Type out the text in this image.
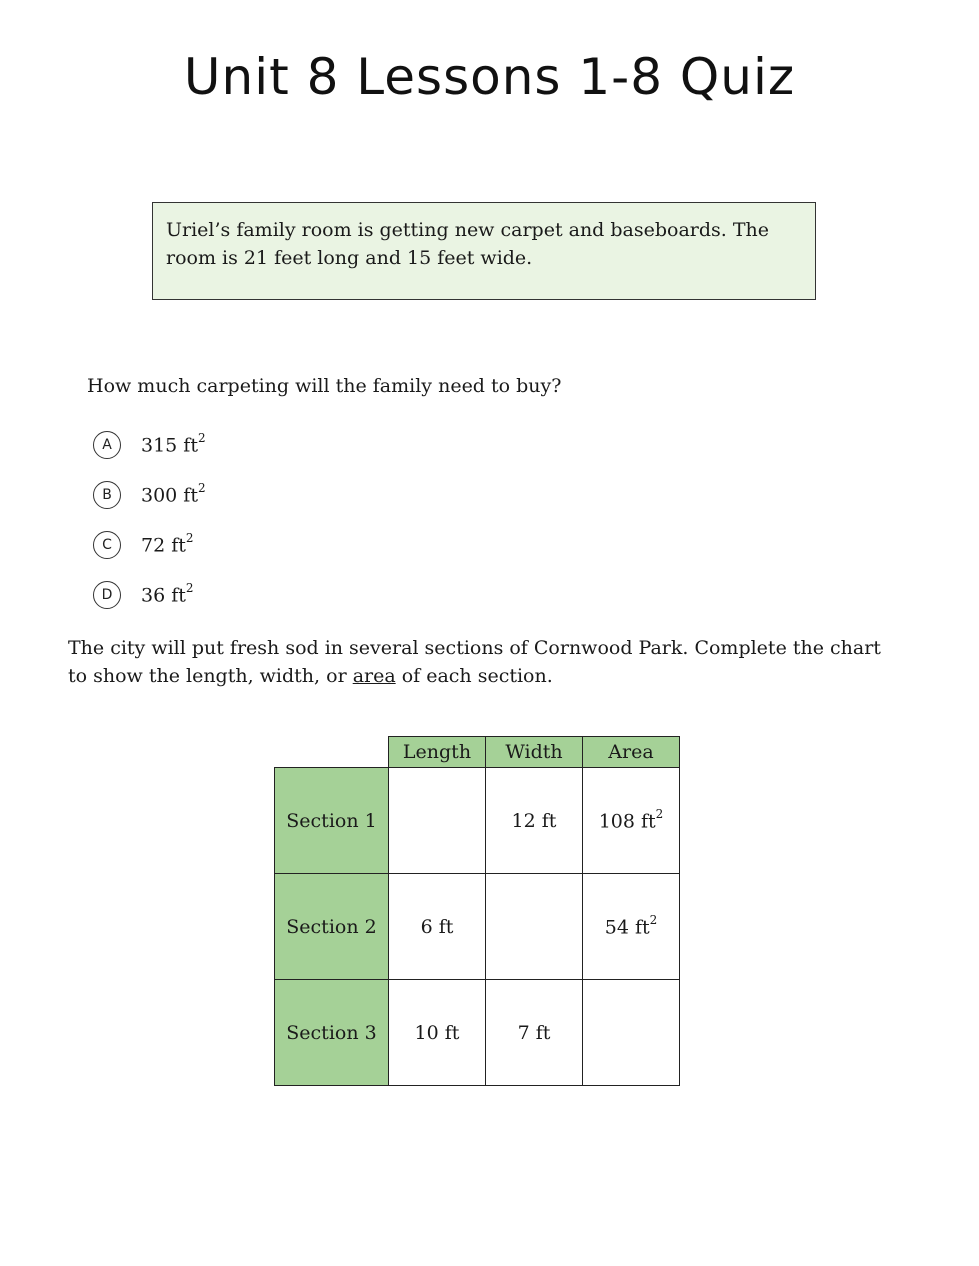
Unit 8 Lessons 1-8 Quiz
Uriel’s family room is getting new carpet and baseboards. The
room is 21 feet long and 15 feet wide.
How much carpeting will the family need to buy?
A	315 $ft^2$
B	300 $ft^2$
C	72 $ft^2$
D	36 $ft^2$
The city will put fresh sod in several sections of Cornwood Park. Complete the chart
to show the length, width, or area of each section.
	Length	Width	Area
Section 1		12 ft	108 $ft^2$
Section 2	6 ft		54 $ft^2$
Section 3	10 ft	7 ft	
